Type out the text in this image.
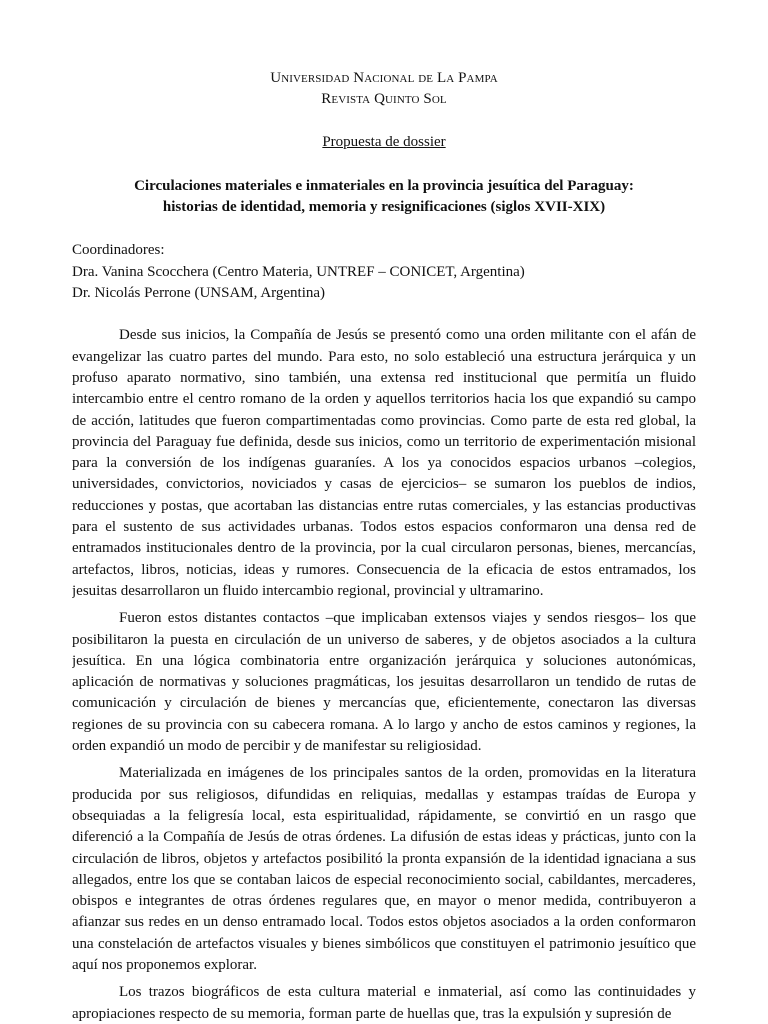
Universidad Nacional de La Pampa

Revista Quinto Sol

Propuesta de dossier

Circulaciones materiales e inmateriales en la provincia jesuítica del Paraguay:
historias de identidad, memoria y resignificaciones (siglos XVII-XIX)
Coordinadores:
Dra. Vanina Scocchera (Centro Materia, UNTREF – CONICET, Argentina)
Dr. Nicolás Perrone (UNSAM, Argentina)

Desde sus inicios, la Compañía de Jesús se presentó como una orden militante con el afán de evangelizar las cuatro partes del mundo. Para esto, no solo estableció una estructura jerárquica y un profuso aparato normativo, sino también, una extensa red institucional que permitía un fluido intercambio entre el centro romano de la orden y aquellos territorios hacia los que expandió su campo de acción, latitudes que fueron compartimentadas como provincias. Como parte de esta red global, la provincia del Paraguay fue definida, desde sus inicios, como un territorio de experimentación misional para la conversión de los indígenas guaraníes. A los ya conocidos espacios urbanos –colegios, universidades, convictorios, noviciados y casas de ejercicios– se sumaron los pueblos de indios, reducciones y postas, que acortaban las distancias entre rutas comerciales, y las estancias productivas para el sustento de sus actividades urbanas. Todos estos espacios conformaron una densa red de entramados institucionales dentro de la provincia, por la cual circularon personas, bienes, mercancías, artefactos, libros, noticias, ideas y rumores. Consecuencia de la eficacia de estos entramados, los jesuitas desarrollaron un fluido intercambio regional, provincial y ultramarino.

Fueron estos distantes contactos –que implicaban extensos viajes y sendos riesgos– los que posibilitaron la puesta en circulación de un universo de saberes, y de objetos asociados a la cultura jesuítica. En una lógica combinatoria entre organización jerárquica y soluciones autonómicas, aplicación de normativas y soluciones pragmáticas, los jesuitas desarrollaron un tendido de rutas de comunicación y circulación de bienes y mercancías que, eficientemente, conectaron las diversas regiones de su provincia con su cabecera romana. A lo largo y ancho de estos caminos y regiones, la orden expandió un modo de percibir y de manifestar su religiosidad.

Materializada en imágenes de los principales santos de la orden, promovidas en la literatura producida por sus religiosos, difundidas en reliquias, medallas y estampas traídas de Europa y obsequiadas a la feligresía local, esta espiritualidad, rápidamente, se convirtió en un rasgo que diferenció a la Compañía de Jesús de otras órdenes. La difusión de estas ideas y prácticas, junto con la circulación de libros, objetos y artefactos posibilitó la pronta expansión de la identidad ignaciana a sus allegados, entre los que se contaban laicos de especial reconocimiento social, cabildantes, mercaderes, obispos e integrantes de otras órdenes regulares que, en mayor o menor medida, contribuyeron a afianzar sus redes en un denso entramado local. Todos estos objetos asociados a la orden conformaron una constelación de artefactos visuales y bienes simbólicos que constituyen el patrimonio jesuítico que aquí nos proponemos explorar.

Los trazos biográficos de esta cultura material e inmaterial, así como las continuidades y apropiaciones respecto de su memoria, forman parte de huellas que, tras la expulsión y supresión de
